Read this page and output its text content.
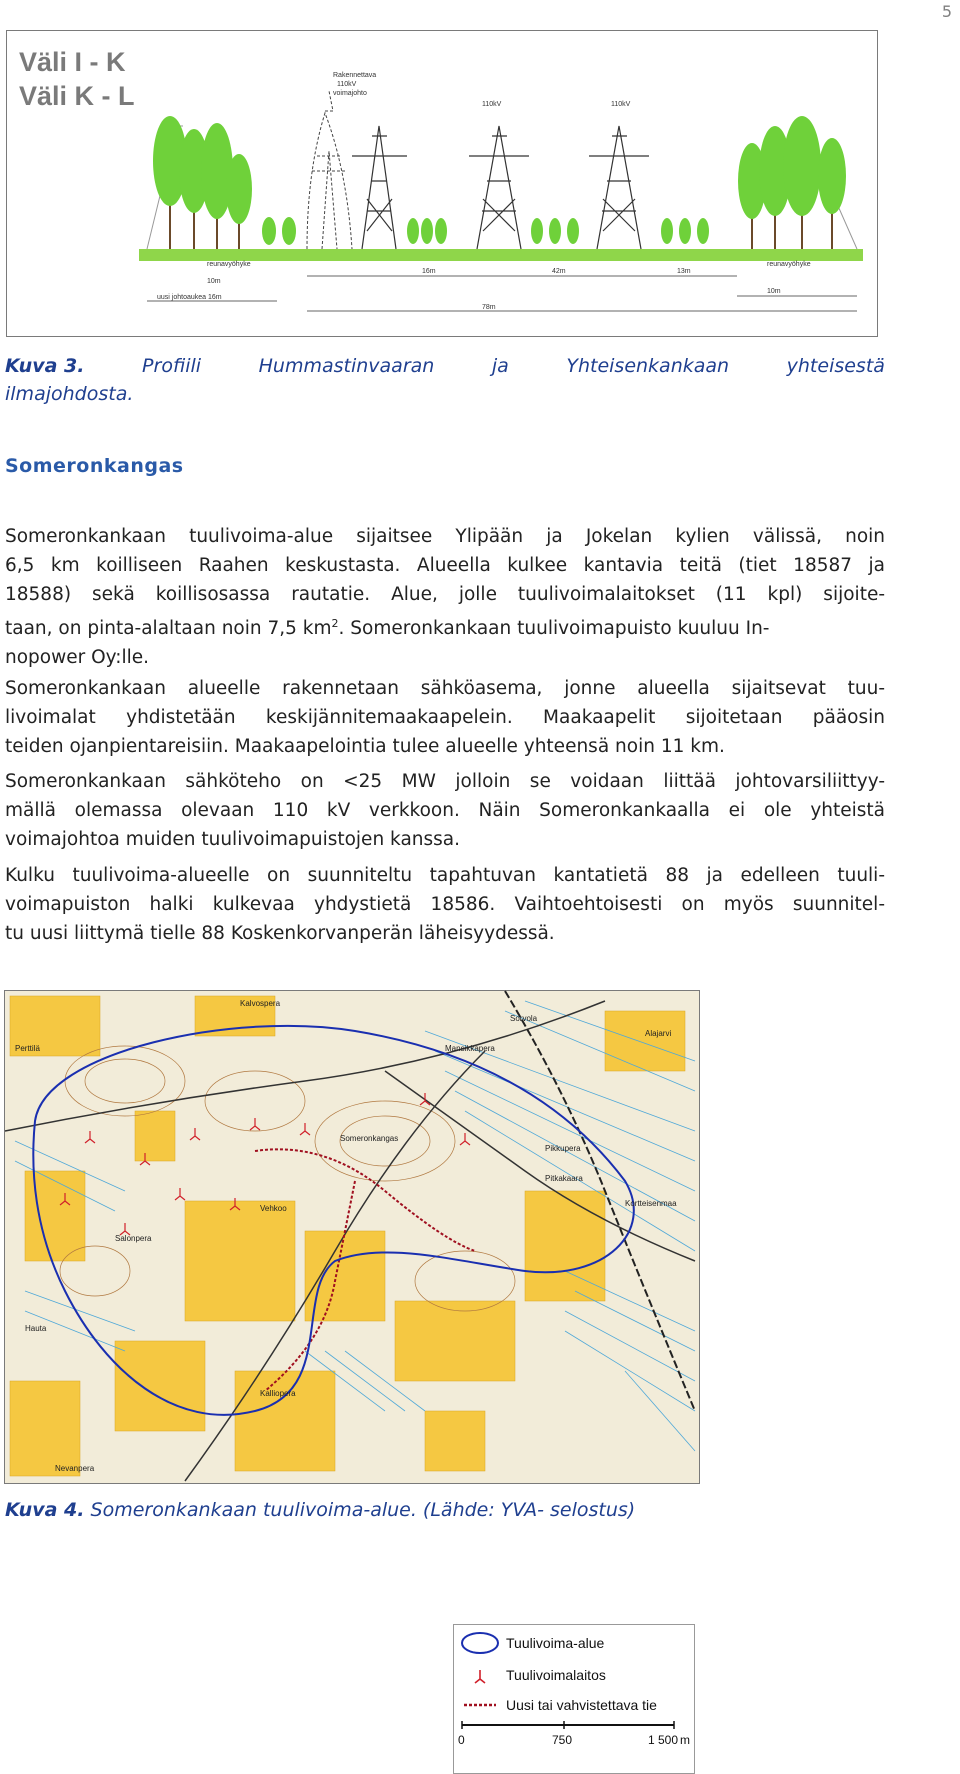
5
Väli I - K
Väli K - L
Rakennettava
110kV
voimajohto
110kV	110kV
16m	42m	13m
78m
10m
10m
uusi johtoaukea 16m
reunavyöhyke	reunavyöhyke
Kuva 3.	Profiili	Hummastinvaaran	ja	Yhteisenkankaan	yhteisestä
ilmajohdosta.
Someronkangas
Someronkankaan tuulivoima-alue sijaitsee Ylipään ja Jokelan kylien välissä, noin
6,5 km koilliseen Raahen keskustasta. Alueella kulkee kantavia teitä (tiet 18587 ja
18588) sekä koillisosassa rautatie. Alue, jolle tuulivoimalaitokset (11 kpl) sijoite-
taan, on pinta-alaltaan noin 7,5 $km^2$. Someronkankaan tuulivoimapuisto kuuluu In-
nopower Oy:lle.
Someronkankaan alueelle rakennetaan sähköasema, jonne alueella sijaitsevat tuu-
livoimalat yhdistetään keskijännitemaakaapelein. Maakaapelit sijoitetaan pääosin
teiden ojanpientareisiin. Maakaapelointia tulee alueelle yhteensä noin 11 km.
Someronkankaan sähköteho on <25 MW jolloin se voidaan liittää johtovarsiliittyy-
mällä olemassa olevaan 110 kV verkkoon. Näin Someronkankaalla ei ole yhteistä
voimajohtoa muiden tuulivoimapuistojen kanssa.
Kulku tuulivoima-alueelle on suunniteltu tapahtuvan kantatietä 88 ja edelleen tuuli-
voimapuiston halki kulkevaa yhdystietä 18586. Vaihtoehtoisesti on myös suunnitel-
tu uusi liittymä tielle 88 Koskenkorvanperän läheisyydessä.
Someronkangas
Kalliopera
Mansikkapera
Pikkupera
Pitkakaara
Nevanpera
Vehkoo
Kortteisenmaa
Alajarvi
Kalvospera
Perttilä
Sorvola
Hauta
Salonpera
Tuulivoima-alue
Tuulivoimalaitos
Uusi tai vahvistettava tie
0	750	1 500 m
Kuva 4. Someronkankaan tuulivoima-alue. (Lähde: YVA- selostus)
